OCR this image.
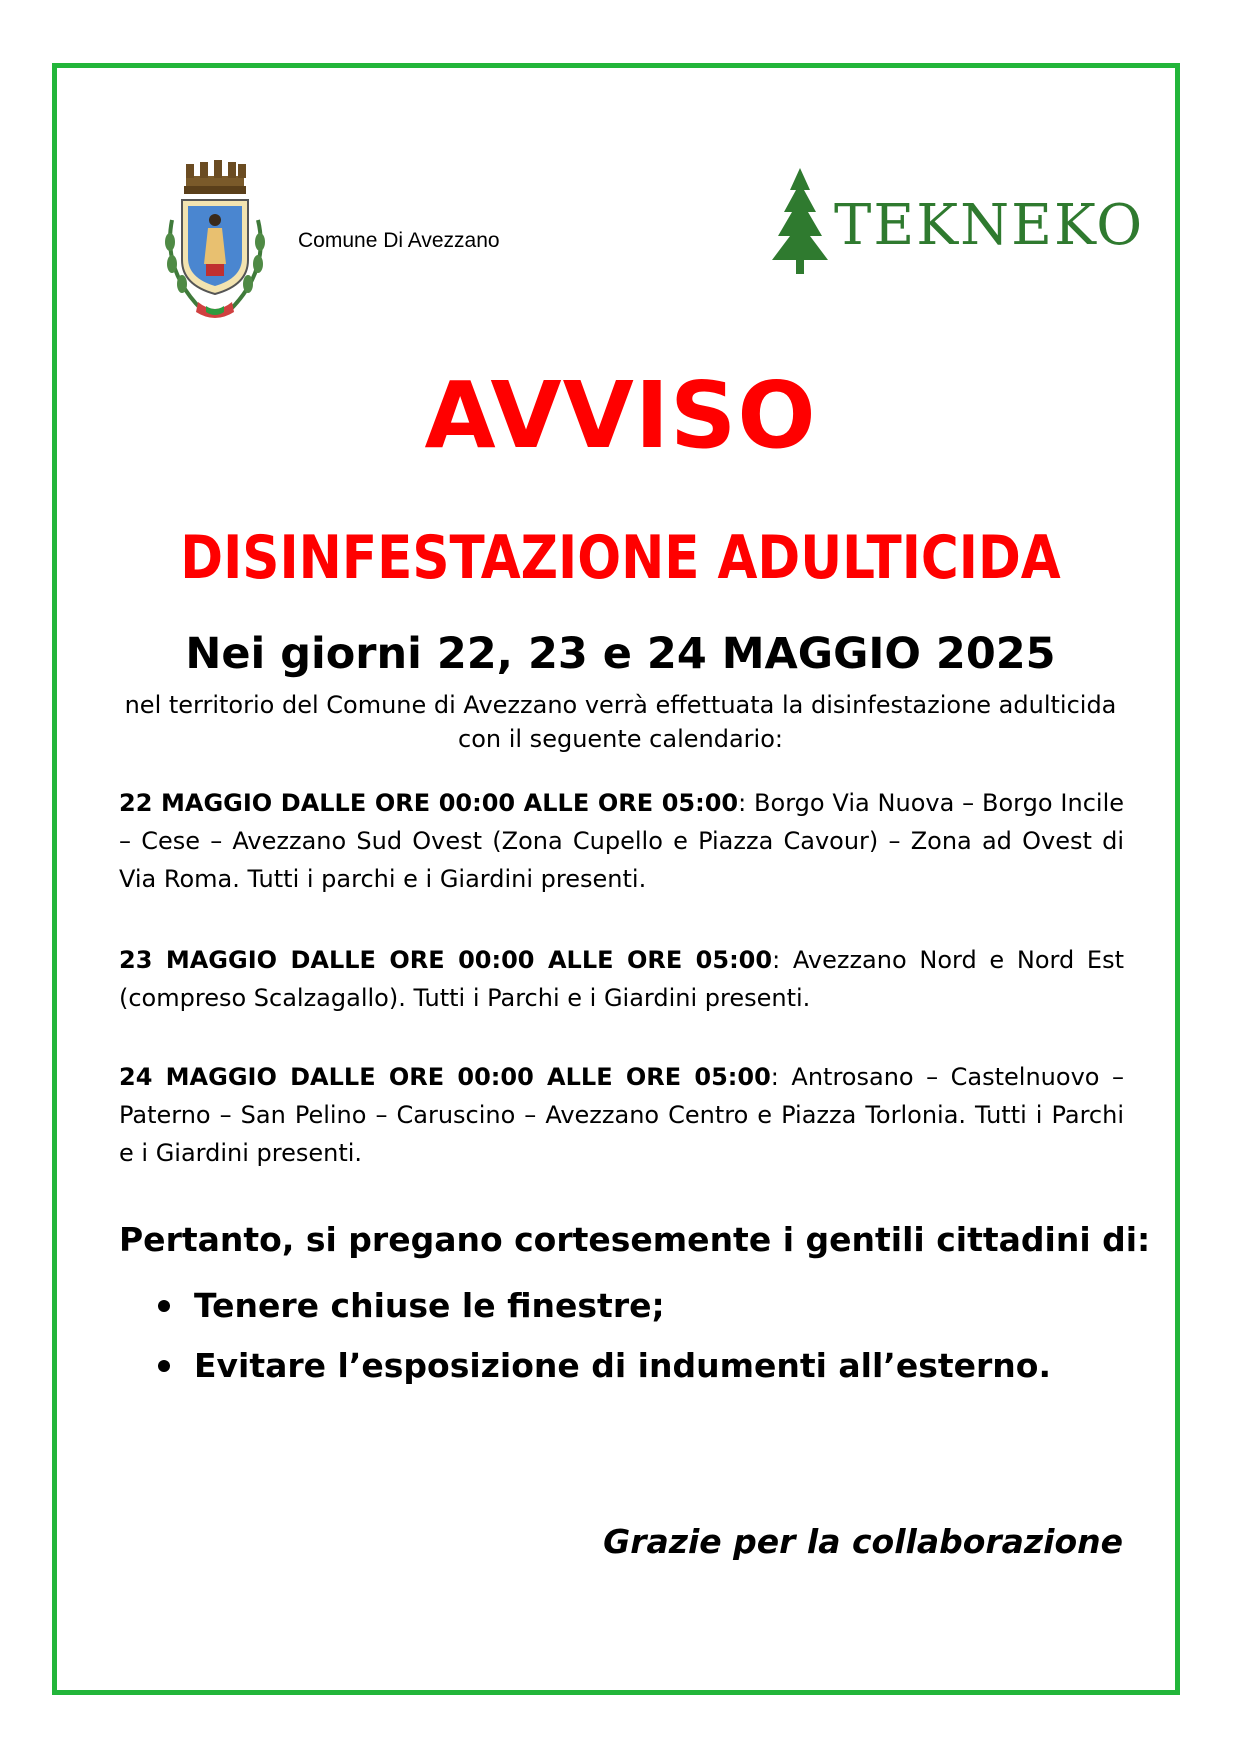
Comune Di Avezzano	TEKNEKO
AVVISO
DISINFESTAZIONE ADULTICIDA
Nei giorni 22, 23 e 24 MAGGIO 2025
nel territorio del Comune di Avezzano verrà effettuata la disinfestazione adulticida con il seguente calendario:
22 MAGGIO DALLE ORE 00:00 ALLE ORE 05:00: Borgo Via Nuova – Borgo Incile – Cese – Avezzano Sud Ovest (Zona Cupello e Piazza Cavour) – Zona ad Ovest di Via Roma. Tutti i parchi e i Giardini presenti.
23 MAGGIO DALLE ORE 00:00 ALLE ORE 05:00: Avezzano Nord e Nord Est (compreso Scalzagallo). Tutti i Parchi e i Giardini presenti.
24 MAGGIO DALLE ORE 00:00 ALLE ORE 05:00: Antrosano – Castelnuovo – Paterno – San Pelino – Caruscino – Avezzano Centro e Piazza Torlonia. Tutti i Parchi e i Giardini presenti.
Pertanto, si pregano cortesemente i gentili cittadini di:
Tenere chiuse le finestre;
Evitare l’esposizione di indumenti all’esterno.
Grazie per la collaborazione
